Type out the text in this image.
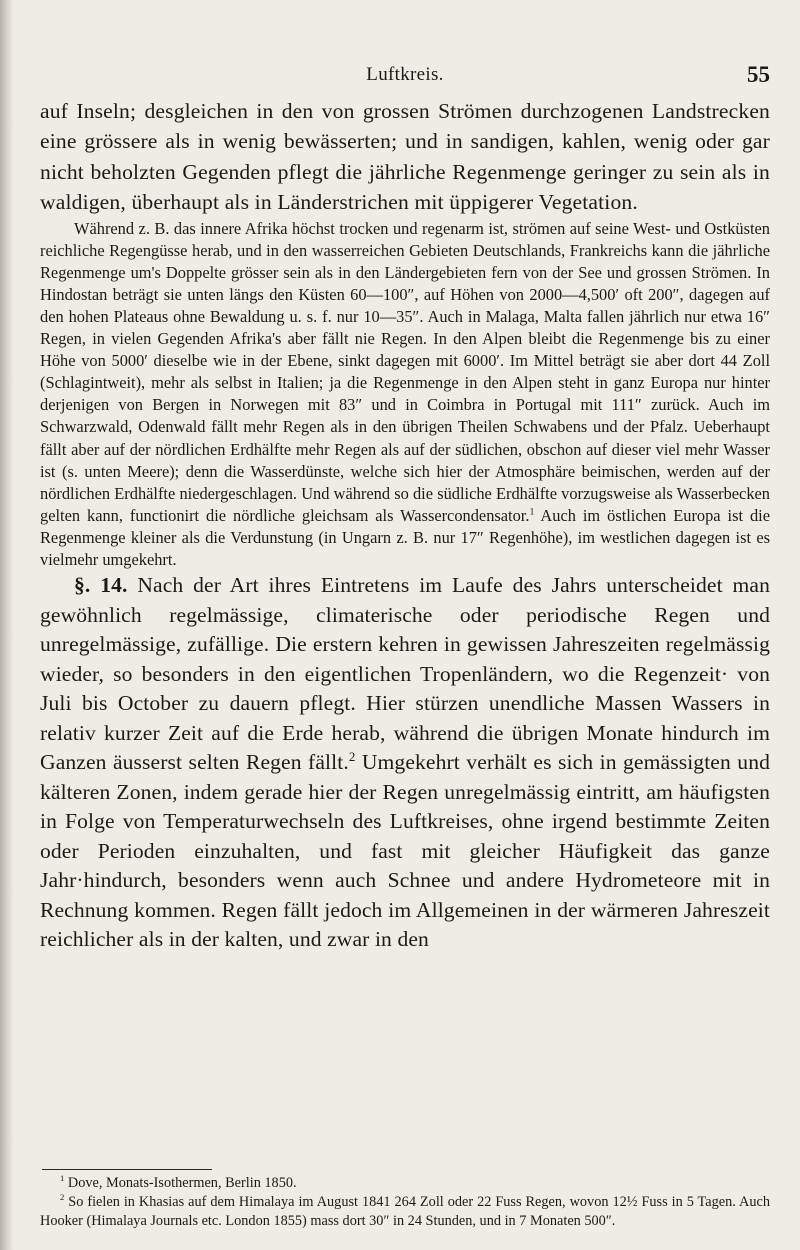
Luftkreis.	55

auf Inseln; desgleichen in den von grossen Strömen durchzogenen Landstrecken eine grössere als in wenig bewässerten; und in sandigen, kahlen, wenig oder gar nicht beholzten Gegenden pflegt die jährliche Regenmenge geringer zu sein als in waldigen, überhaupt als in Länderstrichen mit üppigerer Vegetation.

Während z. B. das innere Afrika höchst trocken und regenarm ist, strömen auf seine West- und Ostküsten reichliche Regengüsse herab, und in den wasserreichen Gebieten Deutschlands, Frankreichs kann die jährliche Regenmenge um's Doppelte grösser sein als in den Ländergebieten fern von der See und grossen Strömen. In Hindostan beträgt sie unten längs den Küsten 60—100″, auf Höhen von 2000—4,500′ oft 200″, dagegen auf den hohen Plateaus ohne Bewaldung u. s. f. nur 10—35″. Auch in Malaga, Malta fallen jährlich nur etwa 16″ Regen, in vielen Gegenden Afrika's aber fällt nie Regen. In den Alpen bleibt die Regenmenge bis zu einer Höhe von 5000′ dieselbe wie in der Ebene, sinkt dagegen mit 6000′. Im Mittel beträgt sie aber dort 44 Zoll (Schlagintweit), mehr als selbst in Italien; ja die Regenmenge in den Alpen steht in ganz Europa nur hinter derjenigen von Bergen in Norwegen mit 83″ und in Coimbra in Portugal mit 111″ zurück. Auch im Schwarzwald, Odenwald fällt mehr Regen als in den übrigen Theilen Schwabens und der Pfalz. Ueberhaupt fällt aber auf der nördlichen Erdhälfte mehr Regen als auf der südlichen, obschon auf dieser viel mehr Wasser ist (s. unten Meere); denn die Wasserdünste, welche sich hier der Atmosphäre beimischen, werden auf der nördlichen Erdhälfte niedergeschlagen. Und während so die südliche Erdhälfte vorzugsweise als Wasserbecken gelten kann, functionirt die nördliche gleichsam als Wassercondensator.$^1$ Auch im östlichen Europa ist die Regenmenge kleiner als die Verdunstung (in Ungarn z. B. nur 17″ Regenhöhe), im westlichen dagegen ist es vielmehr umgekehrt.

§. 14. Nach der Art ihres Eintretens im Laufe des Jahrs unterscheidet man gewöhnlich regelmässige, climaterische oder periodische Regen und unregelmässige, zufällige. Die erstern kehren in gewissen Jahreszeiten regelmässig wieder, so besonders in den eigentlichen Tropenländern, wo die Regenzeit· von Juli bis October zu dauern pflegt. Hier stürzen unendliche Massen Wassers in relativ kurzer Zeit auf die Erde herab, während die übrigen Monate hindurch im Ganzen äusserst selten Regen fällt.$^2$ Umgekehrt verhält es sich in gemässigten und kälteren Zonen, indem gerade hier der Regen unregelmässig eintritt, am häufigsten in Folge von Temperaturwechseln des Luftkreises, ohne irgend bestimmte Zeiten oder Perioden einzuhalten, und fast mit gleicher Häufigkeit das ganze Jahr·hindurch, besonders wenn auch Schnee und andere Hydrometeore mit in Rechnung kommen. Regen fällt jedoch im Allgemeinen in der wärmeren Jahreszeit reichlicher als in der kalten, und zwar in den

$^1$ Dove, Monats-Isothermen, Berlin 1850.

$^2$ So fielen in Khasias auf dem Himalaya im August 1841 264 Zoll oder 22 Fuss Regen, wovon 12½ Fuss in 5 Tagen. Auch Hooker (Himalaya Journals etc. London 1855) mass dort 30″ in 24 Stunden, und in 7 Monaten 500″.
